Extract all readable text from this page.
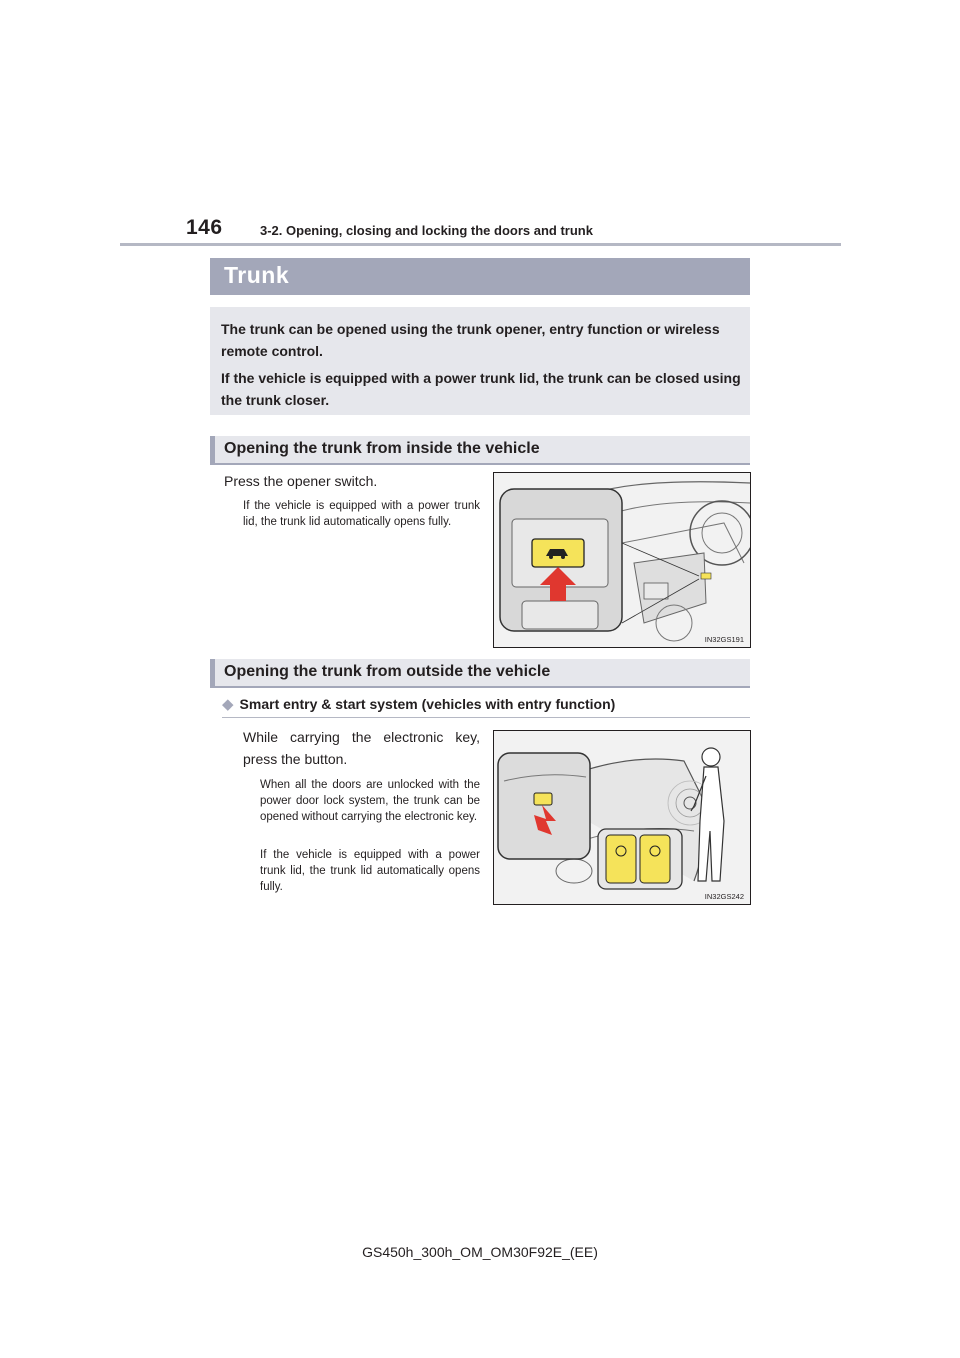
146	3-2. Opening, closing and locking the doors and trunk
Trunk

The trunk can be opened using the trunk opener, entry function or wireless remote control.

If the vehicle is equipped with a power trunk lid, the trunk can be closed using the trunk closer.

Opening the trunk from inside the vehicle
Press the opener switch.
If the vehicle is equipped with a power trunk lid, the trunk lid automatically opens fully.
IN32GS191
Opening the trunk from outside the vehicle
◆ Smart entry & start system (vehicles with entry function)
While carrying the electronic key, press the button.
When all the doors are unlocked with the power door lock system, the trunk can be opened without carrying the electronic key.
If the vehicle is equipped with a power trunk lid, the trunk lid automatically opens fully.
IN32GS242
GS450h_300h_OM_OM30F92E_(EE)
